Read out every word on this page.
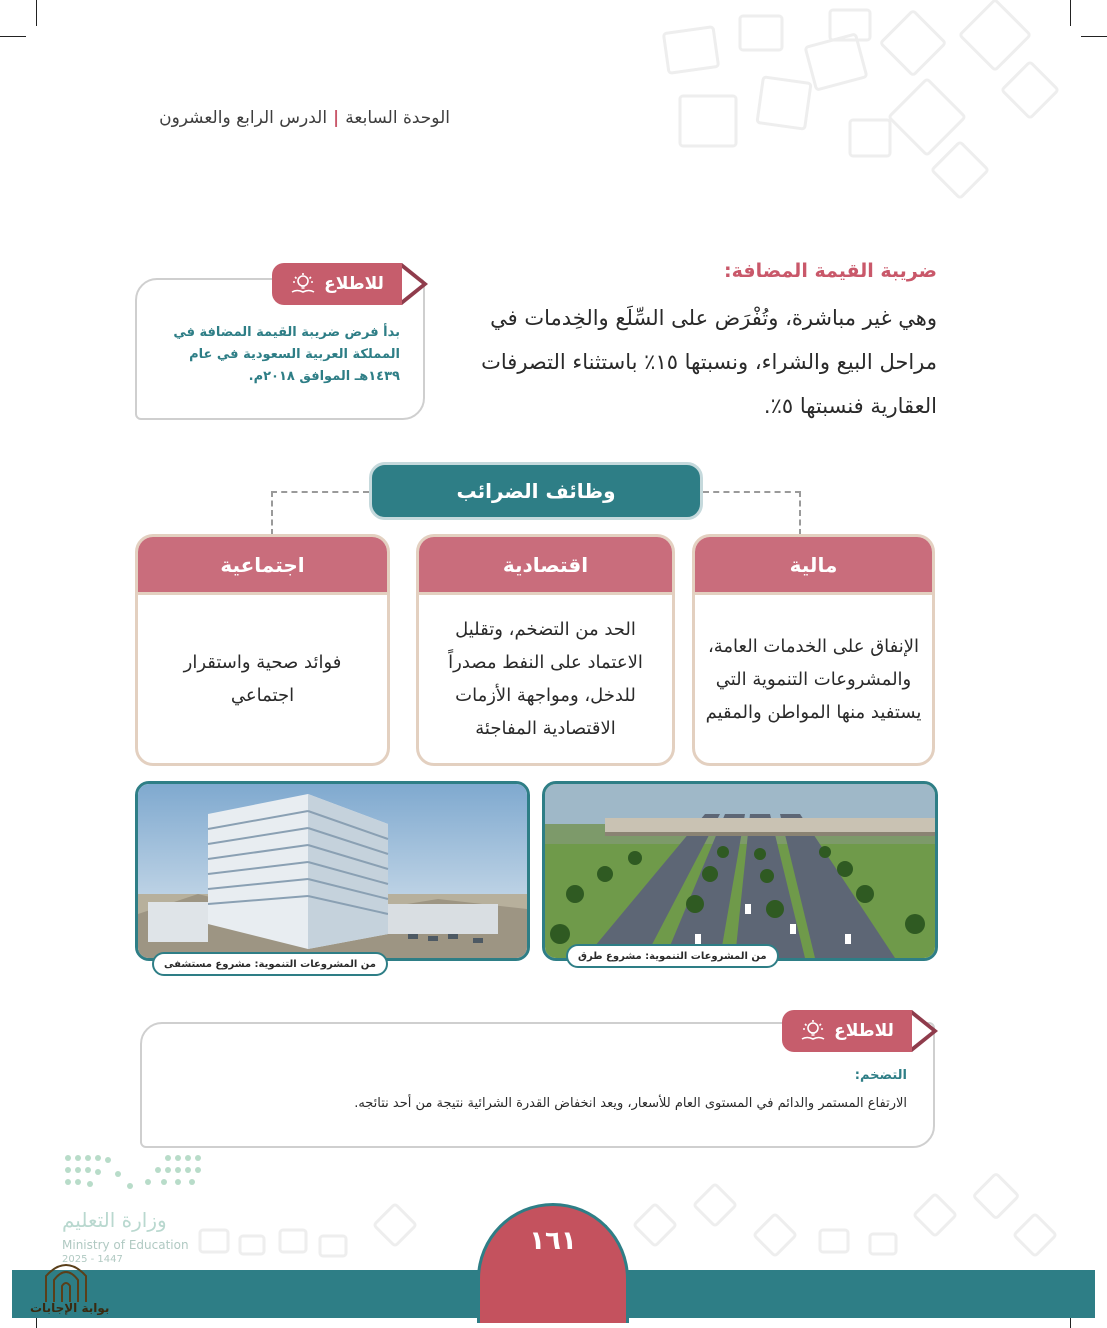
الوحدة السابعة|الدرس الرابع والعشرون
ضريبة القيمة المضافة:
وهي غير مباشرة، وتُفْرَض على السِّلَع والخِدمات في مراحل البيع والشراء، ونسبتها ١٥٪ باستثناء التصرفات العقارية فنسبتها ٥٪.
للاطلاع
بدأ فرض ضريبة القيمة المضافة في المملكة العربية السعودية في عام ١٤٣٩هـ الموافق ٢٠١٨م.
وظائف الضرائب
مالية
الإنفاق على الخدمات العامة، والمشروعات التنموية التي يستفيد منها المواطن والمقيم
اقتصادية
الحد من التضخم، وتقليل الاعتماد على النفط مصدراً للدخل، ومواجهة الأزمات الاقتصادية المفاجئة
اجتماعية
فوائد صحية واستقرار اجتماعي
من المشروعات التنموية: مشروع طرق
من المشروعات التنموية: مشروع مستشفى
للاطلاع
التضخم:
الارتفاع المستمر والدائم في المستوى العام للأسعار، ويعد انخفاض القدرة الشرائية نتيجة من أحد نتائجه.
وزارة التعليم
Ministry of Education
2025 - 1447
١٦١
بوابة الإجابات
